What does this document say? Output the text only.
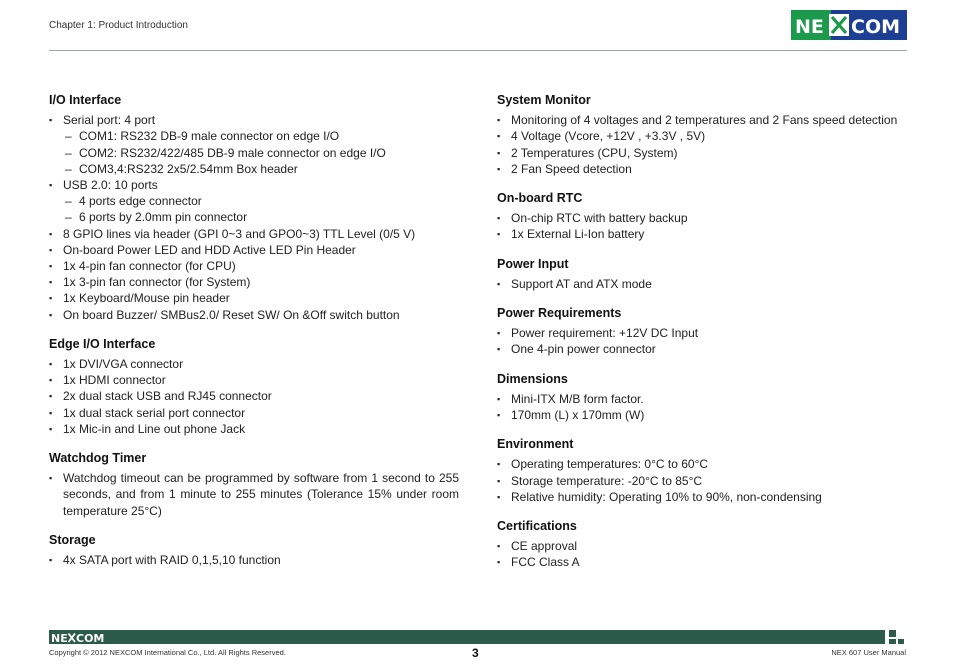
Chapter 1: Product Introduction	NE COM
I/O Interface
▪ Serial port: 4 port
– COM1: RS232 DB-9 male connector on edge I/O
– COM2: RS232/422/485 DB-9 male connector on edge I/O
– COM3,4:RS232 2x5/2.54mm Box header
▪ USB 2.0: 10 ports
– 4 ports edge connector
– 6 ports by 2.0mm pin connector
▪ 8 GPIO lines via header (GPI 0~3 and GPO0~3) TTL Level (0/5 V)
▪ On-board Power LED and HDD Active LED Pin Header
▪ 1x 4-pin fan connector (for CPU)
▪ 1x 3-pin fan connector (for System)
▪ 1x Keyboard/Mouse pin header
▪ On board Buzzer/ SMBus2.0/ Reset SW/ On &Off switch button
Edge I/O Interface
▪ 1x DVI/VGA connector
▪ 1x HDMI connector
▪ 2x dual stack USB and RJ45 connector
▪ 1x dual stack serial port connector
▪ 1x Mic-in and Line out phone Jack
Watchdog Timer
▪ Watchdog timeout can be programmed by software from 1 second to 255 seconds, and from 1 minute to 255 minutes (Tolerance 15% under room temperature 25°C)
Storage
▪ 4x SATA port with RAID 0,1,5,10 function
System Monitor
▪ Monitoring of 4 voltages and 2 temperatures and 2 Fans speed detection
▪ 4 Voltage (Vcore, +12V , +3.3V , 5V)
▪ 2 Temperatures (CPU, System)
▪ 2 Fan Speed detection
On-board RTC
▪ On-chip RTC with battery backup
▪ 1x External Li-Ion battery
Power Input
▪ Support AT and ATX mode
Power Requirements
▪ Power requirement: +12V DC Input
▪ One 4-pin power connector
Dimensions
▪ Mini-ITX M/B form factor.
▪ 170mm (L) x 170mm (W)
Environment
▪ Operating temperatures: 0°C to 60°C
▪ Storage temperature: -20°C to 85°C
▪ Relative humidity: Operating 10% to 90%, non-condensing
Certifications
▪ CE approval
▪ FCC Class A
NE COM
Copyright © 2012 NEXCOM International Co., Ltd. All Rights Reserved.	3	NEX 607 User Manual
